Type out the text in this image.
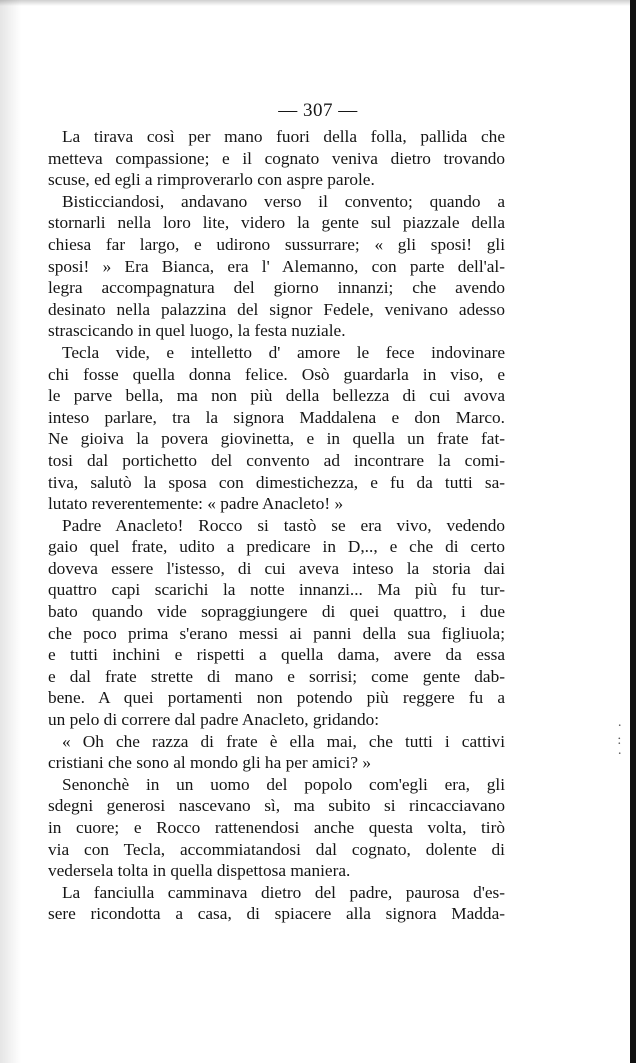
·
:
·
— 307 —
La tirava così per mano fuori della folla, pallida che
metteva compassione; e il cognato veniva dietro trovando
scuse, ed egli a rimproverarlo con aspre parole.
Bisticciandosi, andavano verso il convento; quando a
stornarli nella loro lite, videro la gente sul piazzale della
chiesa far largo, e udirono sussurrare; « gli sposi! gli
sposi! » Era Bianca, era l' Alemanno, con parte dell'al-
legra accompagnatura del giorno innanzi; che avendo
desinato nella palazzina del signor Fedele, venivano adesso
strascicando in quel luogo, la festa nuziale.
Tecla vide, e intelletto d' amore le fece indovinare
chi fosse quella donna felice. Osò guardarla in viso, e
le parve bella, ma non più della bellezza di cui avova
inteso parlare, tra la signora Maddalena e don Marco.
Ne gioiva la povera giovinetta, e in quella un frate fat-
tosi dal portichetto del convento ad incontrare la comi-
tiva, salutò la sposa con dimestichezza, e fu da tutti sa-
lutato reverentemente: « padre Anacleto! »
Padre Anacleto! Rocco si tastò se era vivo, vedendo
gaio quel frate, udito a predicare in D,.., e che di certo
doveva essere l'istesso, di cui aveva inteso la storia dai
quattro capi scarichi la notte innanzi... Ma più fu tur-
bato quando vide sopraggiungere di quei quattro, i due
che poco prima s'erano messi ai panni della sua figliuola;
e tutti inchini e rispetti a quella dama, avere da essa
e dal frate strette di mano e sorrisi; come gente dab-
bene. A quei portamenti non potendo più reggere fu a
un pelo di correre dal padre Anacleto, gridando:
« Oh che razza di frate è ella mai, che tutti i cattivi
cristiani che sono al mondo gli ha per amici? »
Senonchè in un uomo del popolo com'egli era, gli
sdegni generosi nascevano sì, ma subito si rincacciavano
in cuore; e Rocco rattenendosi anche questa volta, tirò
via con Tecla, accommiatandosi dal cognato, dolente di
vedersela tolta in quella dispettosa maniera.
La fanciulla camminava dietro del padre, paurosa d'es-
sere ricondotta a casa, di spiacere alla signora Madda-
